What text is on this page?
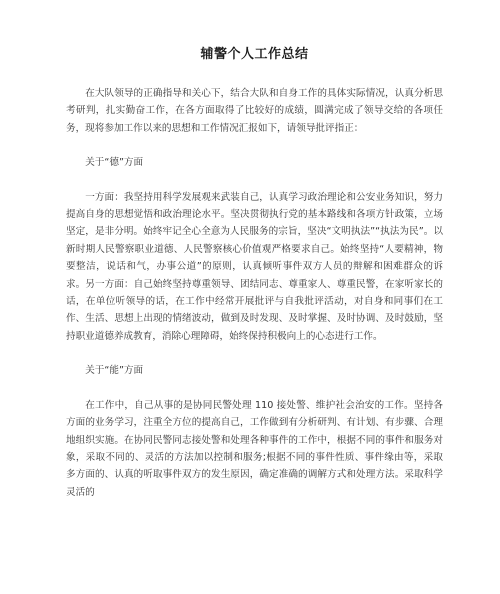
辅警个人工作总结

在大队领导的正确指导和关心下，结合大队和自身工作的具体实际情况，认真分析思考研判，扎实勤奋工作，在各方面取得了比较好的成绩，圆满完成了领导交给的各项任务，现将参加工作以来的思想和工作情况汇报如下，请领导批评指正：

关于“德”方面

一方面：我坚持用科学发展观来武装自己，认真学习政治理论和公安业务知识，努力提高自身的思想觉悟和政治理论水平。坚决贯彻执行党的基本路线和各项方针政策，立场坚定，是非分明。始终牢记全心全意为人民服务的宗旨，坚决“文明执法”“执法为民”。以新时期人民警察职业道德、人民警察核心价值观严格要求自己。始终坚持“人要精神，物要整洁，说话和气，办事公道”的原则，认真倾听事件双方人员的辩解和困难群众的诉求。另一方面：自己始终坚持尊重领导、团结同志、尊重家人、尊重民警，在家听家长的话，在单位听领导的话，在工作中经常开展批评与自我批评活动，对自身和同事们在工作、生活、思想上出现的情绪波动，做到及时发现、及时掌握、及时协调、及时鼓励，坚持职业道德养成教育，消除心理障碍，始终保持积极向上的心态进行工作。

关于“能”方面

在工作中，自己从事的是协同民警处理 110 接处警、维护社会治安的工作。坚持各方面的业务学习，注重全方位的提高自己，工作做到有分析研判、有计划、有步骤、合理地组织实施。在协同民警同志接处警和处理各种事件的工作中，根据不同的事件和服务对象，采取不同的、灵活的方法加以控制和服务;根据不同的事件性质、事件缘由等，采取多方面的、认真的听取事件双方的发生原因，确定准确的调解方式和处理方法。采取科学灵活的
